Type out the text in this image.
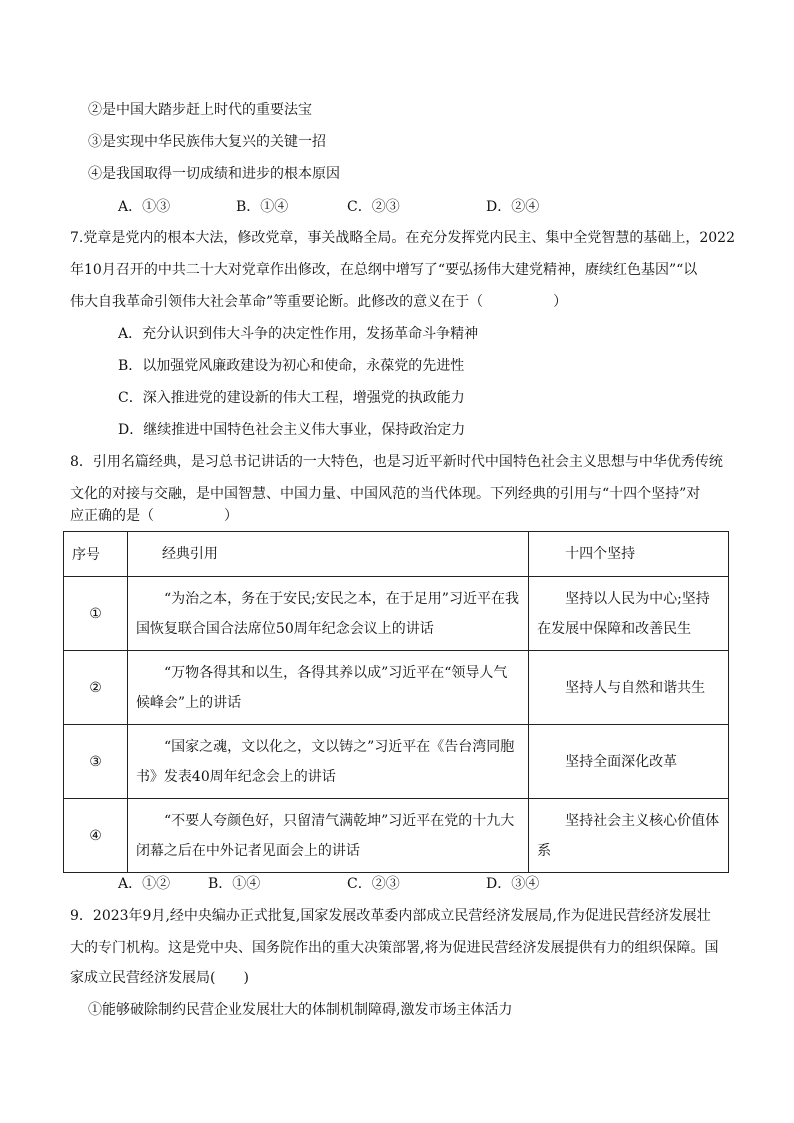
②是中国大踏步赶上时代的重要法宝
③是实现中华民族伟大复兴的关键一招
④是我国取得一切成绩和进步的根本原因
A．①③	B．①④	C．②③	D．②④
7.党章是党内的根本大法，修改党章，事关战略全局。在充分发挥党内民主、集中全党智慧的基础上，2022
年10月召开的中共二十大对党章作出修改，在总纲中增写了“要弘扬伟大建党精神，赓续红色基因”“以
伟大自我革命引领伟大社会革命”等重要论断。此修改的意义在于（　　　　　）
A．充分认识到伟大斗争的决定性作用，发扬革命斗争精神
B．以加强党风廉政建设为初心和使命，永葆党的先进性
C．深入推进党的建设新的伟大工程，增强党的执政能力
D．继续推进中国特色社会主义伟大事业，保持政治定力
8．引用名篇经典，是习总书记讲话的一大特色，也是习近平新时代中国特色社会主义思想与中华优秀传统
文化的对接与交融，是中国智慧、中国力量、中国风范的当代体现。下列经典的引用与“十四个坚持”对
应正确的是（　　　　　）
序号	经典引用	十四个坚持
①	“为治之本，务在于安民;安民之本，在于足用”习近平在我国恢复联合国合法席位50周年纪念会议上的讲话	坚持以人民为中心;坚持在发展中保障和改善民生
②	“万物各得其和以生，各得其养以成”习近平在“领导人气候峰会”上的讲话	坚持人与自然和谐共生
③	“国家之魂，文以化之，文以铸之”习近平在《告台湾同胞书》发表40周年纪念会上的讲话	坚持全面深化改革
④	“不要人夸颜色好，只留清气满乾坤”习近平在党的十九大闭幕之后在中外记者见面会上的讲话	坚持社会主义核心价值体系
A．①②	B．①④	C．②③	D．③④
9．2023年9月,经中央编办正式批复,国家发展改革委内部成立民营经济发展局,作为促进民营经济发展壮
大的专门机构。这是党中央、国务院作出的重大决策部署,将为促进民营经济发展提供有力的组织保障。国
家成立民营经济发展局(　　)
①能够破除制约民营企业发展壮大的体制机制障碍,激发市场主体活力
